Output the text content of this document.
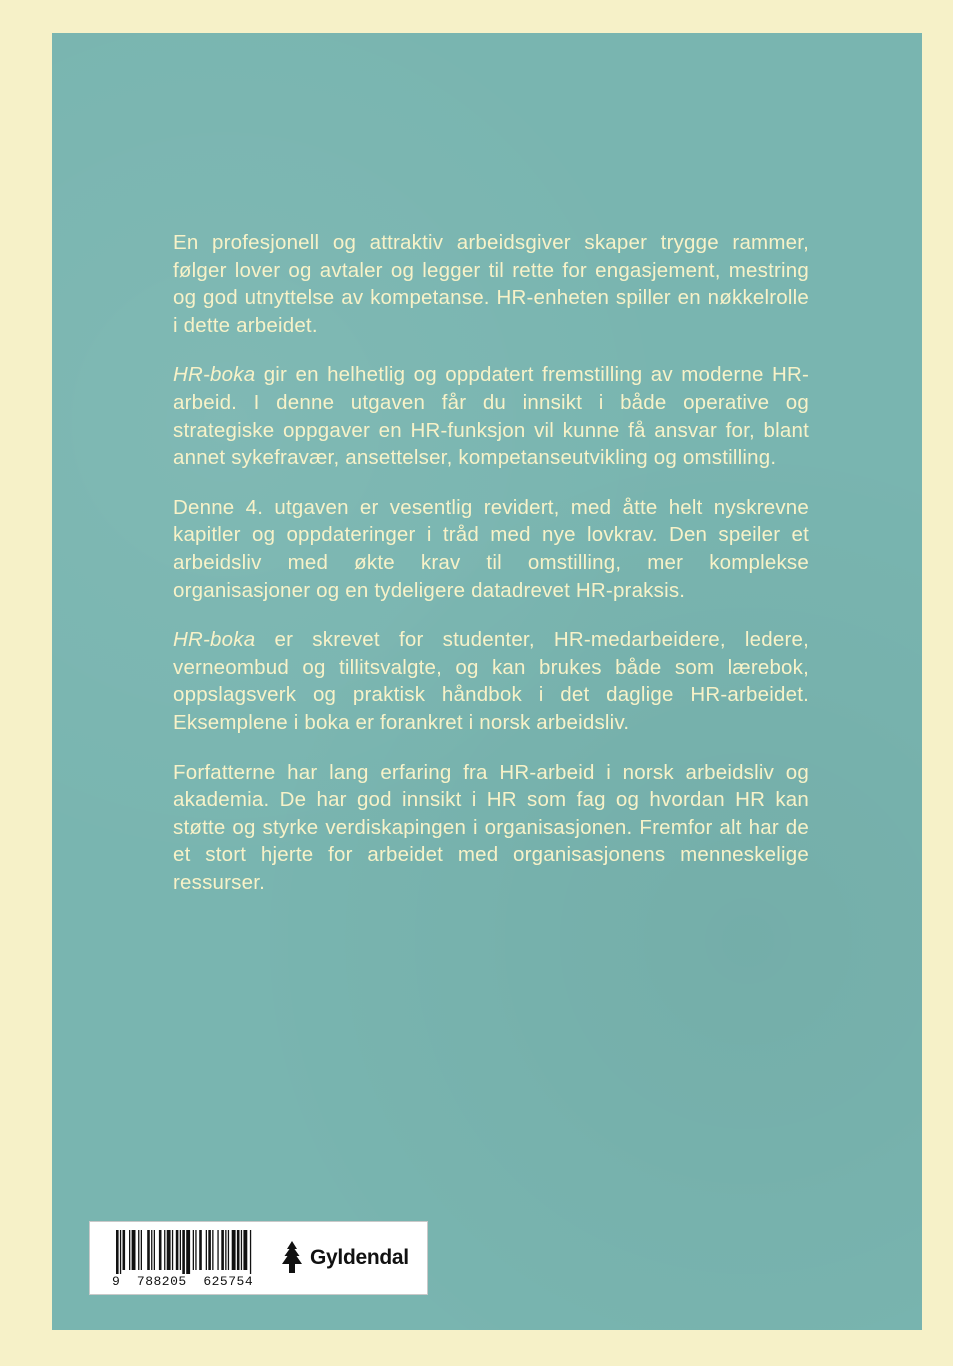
En profesjonell og attraktiv arbeidsgiver skaper trygge rammer, følger lover og avtaler og legger til rette for engasjement, mestring og god utnyttelse av kompetanse. HR-enheten spiller en nøkkelrolle i dette arbeidet.

HR-boka gir en helhetlig og oppdatert fremstilling av moderne HR-arbeid. I denne utgaven får du innsikt i både operative og strategiske oppgaver en HR-funksjon vil kunne få ansvar for, blant annet sykefravær, ansettelser, kompetanseutvikling og omstilling.

Denne 4. utgaven er vesentlig revidert, med åtte helt nyskrevne kapitler og oppdateringer i tråd med nye lovkrav. Den speiler et arbeidsliv med økte krav til omstilling, mer komplekse organisasjoner og en tydeligere datadrevet HR-praksis.

HR-boka er skrevet for studenter, HR-medarbeidere, ledere, verneombud og tillitsvalgte, og kan brukes både som lærebok, oppslagsverk og praktisk håndbok i det daglige HR-arbeidet. Eksemplene i boka er forankret i norsk arbeidsliv.

Forfatterne har lang erfaring fra HR-arbeid i norsk arbeidsliv og akademia. De har god innsikt i HR som fag og hvordan HR kan støtte og styrke verdiskapingen i organisasjonen. Fremfor alt har de et stort hjerte for arbeidet med organisasjonens menneskelige ressurser.

9  788205  625754
Gyldendal
